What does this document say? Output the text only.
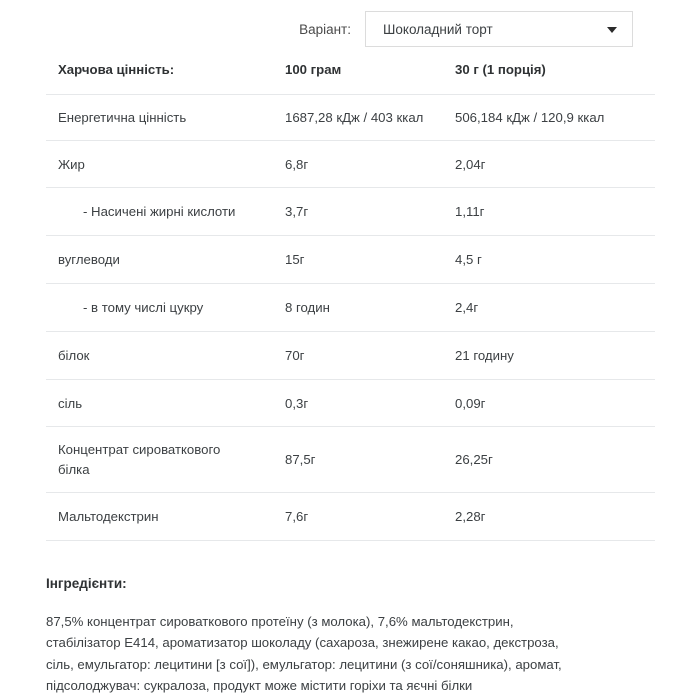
Варіант:	Шоколадний торт
Харчова цінність:	100 грам	30 г (1 порція)

Енергетична цінність	1687,28 кДж / 403 ккал	506,184 кДж / 120,9 ккал

Жир	6,8г	2,04г

- Насичені жирні кислоти	3,7г	1,11г

вуглеводи	15г	4,5 г

- в тому числі цукру	8 годин	2,4г

білок	70г	21 годину

сіль	0,3г	0,09г

Концентрат сироваткового білка	87,5г	26,25г

Мальтодекстрин	7,6г	2,28г
Інгредієнти:

87,5% концентрат сироваткового протеїну (з молока), 7,6% мальтодекстрин,
стабілізатор E414, ароматизатор шоколаду (сахароза, знежирене какао, декстроза,
сіль, емульгатор: лецитини [з сої]), емульгатор: лецитини (з сої/соняшника), аромат,
підсолоджувач: сукралоза, продукт може містити горіхи та яєчні білки
